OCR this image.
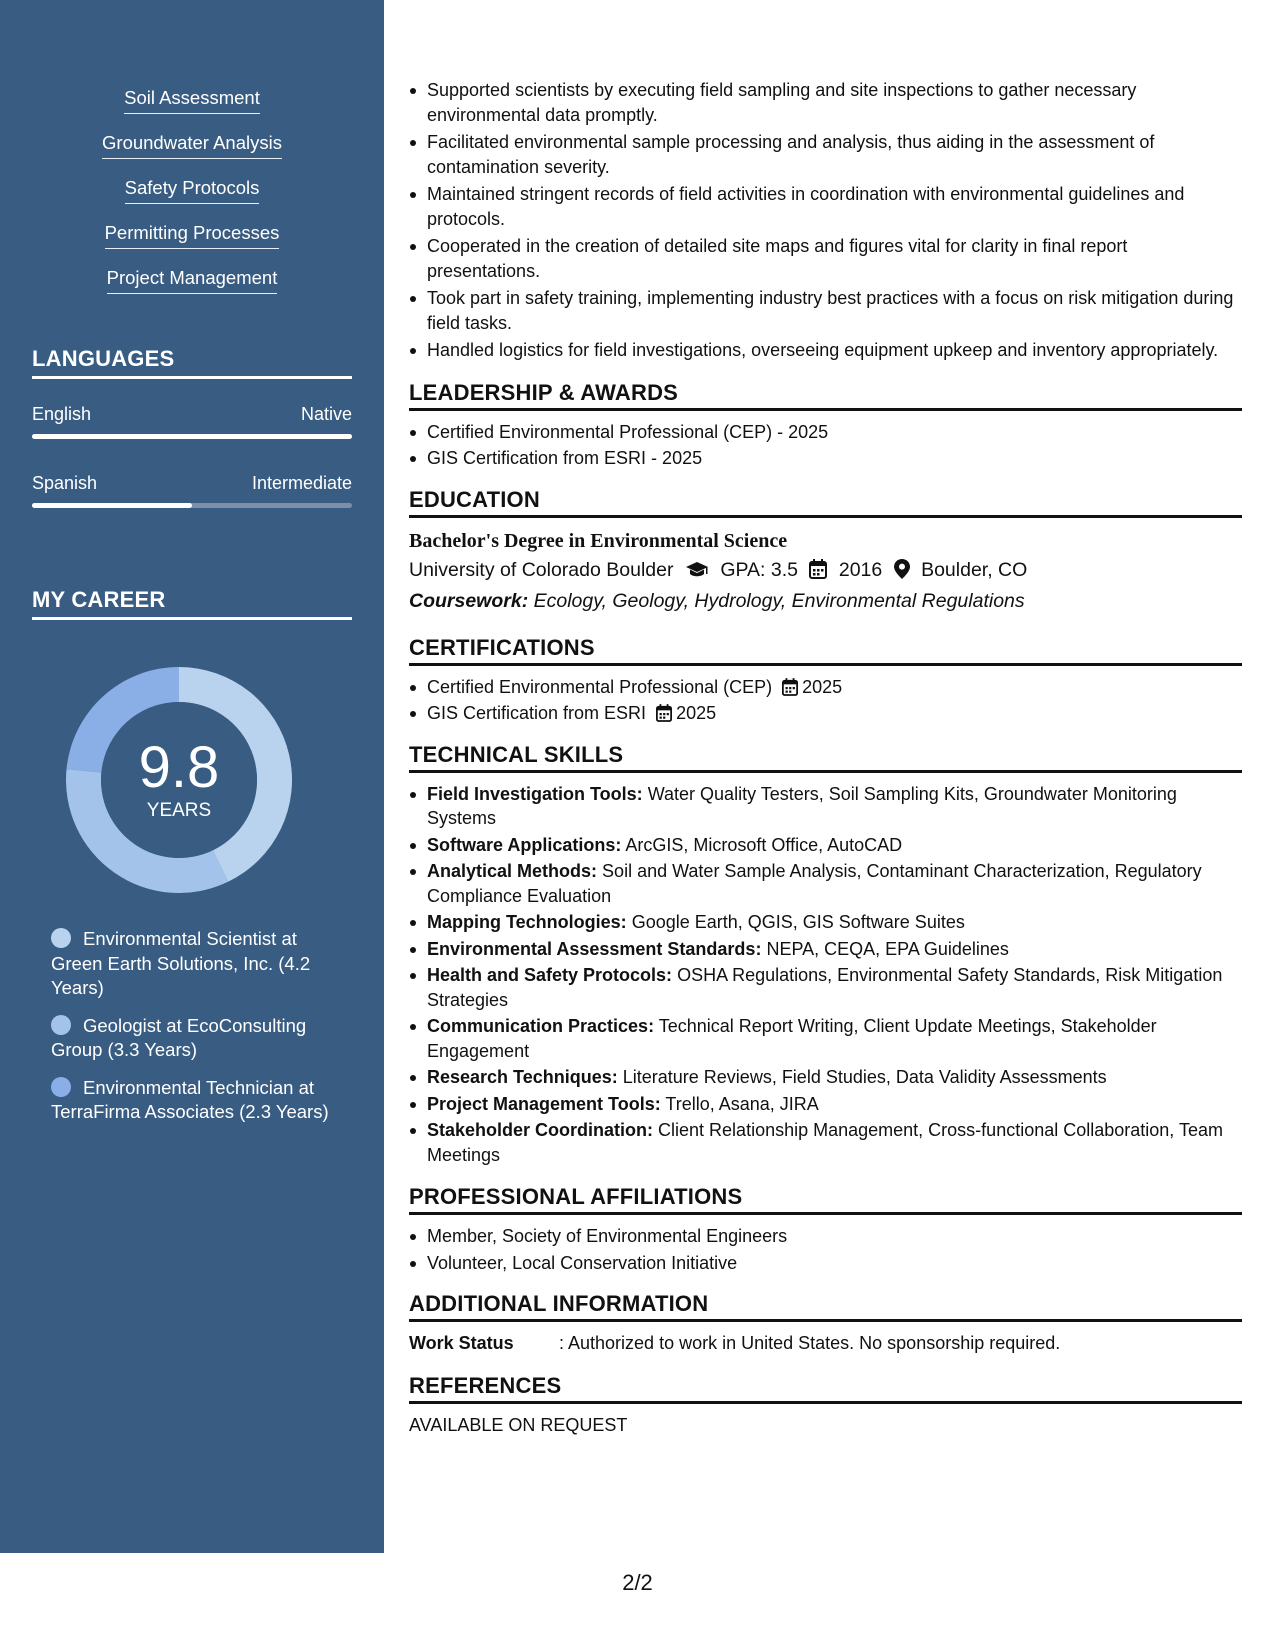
Soil Assessment
Groundwater Analysis
Safety Protocols
Permitting Processes
Project Management
LANGUAGES
English	Native
Spanish	Intermediate
MY CAREER
9.8
YEARS
Environmental Scientist at Green Earth Solutions, Inc. (4.2 Years)
Geologist at EcoConsulting Group (3.3 Years)
Environmental Technician at TerraFirma Associates (2.3 Years)
Supported scientists by executing field sampling and site inspections to gather necessary environmental data promptly.
Facilitated environmental sample processing and analysis, thus aiding in the assessment of contamination severity.
Maintained stringent records of field activities in coordination with environmental guidelines and protocols.
Cooperated in the creation of detailed site maps and figures vital for clarity in final report presentations.
Took part in safety training, implementing industry best practices with a focus on risk mitigation during field tasks.
Handled logistics for field investigations, overseeing equipment upkeep and inventory appropriately.
LEADERSHIP & AWARDS
Certified Environmental Professional (CEP) - 2025
GIS Certification from ESRI - 2025
EDUCATION
Bachelor's Degree in Environmental Science
University of Colorado Boulder GPA: 3.5 2016 Boulder, CO
Coursework: Ecology, Geology, Hydrology, Environmental Regulations
CERTIFICATIONS
Certified Environmental Professional (CEP) 2025
GIS Certification from ESRI 2025
TECHNICAL SKILLS
Field Investigation Tools: Water Quality Testers, Soil Sampling Kits, Groundwater Monitoring Systems
Software Applications: ArcGIS, Microsoft Office, AutoCAD
Analytical Methods: Soil and Water Sample Analysis, Contaminant Characterization, Regulatory Compliance Evaluation
Mapping Technologies: Google Earth, QGIS, GIS Software Suites
Environmental Assessment Standards: NEPA, CEQA, EPA Guidelines
Health and Safety Protocols: OSHA Regulations, Environmental Safety Standards, Risk Mitigation Strategies
Communication Practices: Technical Report Writing, Client Update Meetings, Stakeholder Engagement
Research Techniques: Literature Reviews, Field Studies, Data Validity Assessments
Project Management Tools: Trello, Asana, JIRA
Stakeholder Coordination: Client Relationship Management, Cross-functional Collaboration, Team Meetings
PROFESSIONAL AFFILIATIONS
Member, Society of Environmental Engineers
Volunteer, Local Conservation Initiative
ADDITIONAL INFORMATION
Work Status	: Authorized to work in United States. No sponsorship required.
REFERENCES
AVAILABLE ON REQUEST
2/2
